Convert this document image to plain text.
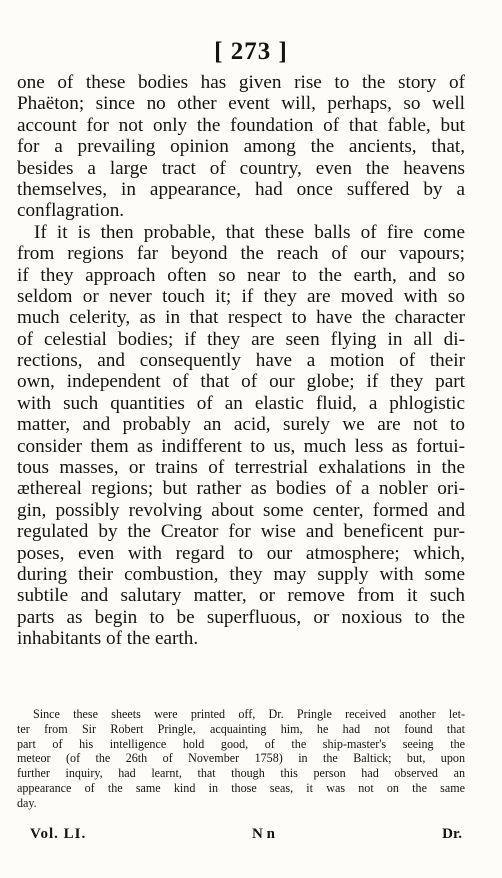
[ 273 ]
one of these bodies has given rise to the story of
Phaëton; since no other event will, perhaps, so well
account for not only the foundation of that fable, but
for a prevailing opinion among the ancients, that,
besides a large tract of country, even the heavens
themselves, in appearance, had once suffered by a
conflagration.
If it is then probable, that these balls of fire come
from regions far beyond the reach of our vapours;
if they approach often so near to the earth, and so
seldom or never touch it; if they are moved with so
much celerity, as in that respect to have the character
of celestial bodies; if they are seen flying in all di-
rections, and consequently have a motion of their
own, independent of that of our globe; if they part
with such quantities of an elastic fluid, a phlogistic
matter, and probably an acid, surely we are not to
consider them as indifferent to us, much less as fortui-
tous masses, or trains of terrestrial exhalations in the
æthereal regions; but rather as bodies of a nobler ori-
gin, possibly revolving about some center, formed and
regulated by the Creator for wise and beneficent pur-
poses, even with regard to our atmosphere; which,
during their combustion, they may supply with some
subtile and salutary matter, or remove from it such
parts as begin to be superfluous, or noxious to the
inhabitants of the earth.
Since these sheets were printed off, Dr. Pringle received another let-
ter from Sir Robert Pringle, acquainting him, he had not found that
part of his intelligence hold good, of the ship-master's seeing the
meteor (of the 26th of November 1758) in the Baltick; but, upon
further inquiry, had learnt, that though this person had observed an
appearance of the same kind in those seas, it was not on the same
day.
Vol. LI.	N n	Dr.
